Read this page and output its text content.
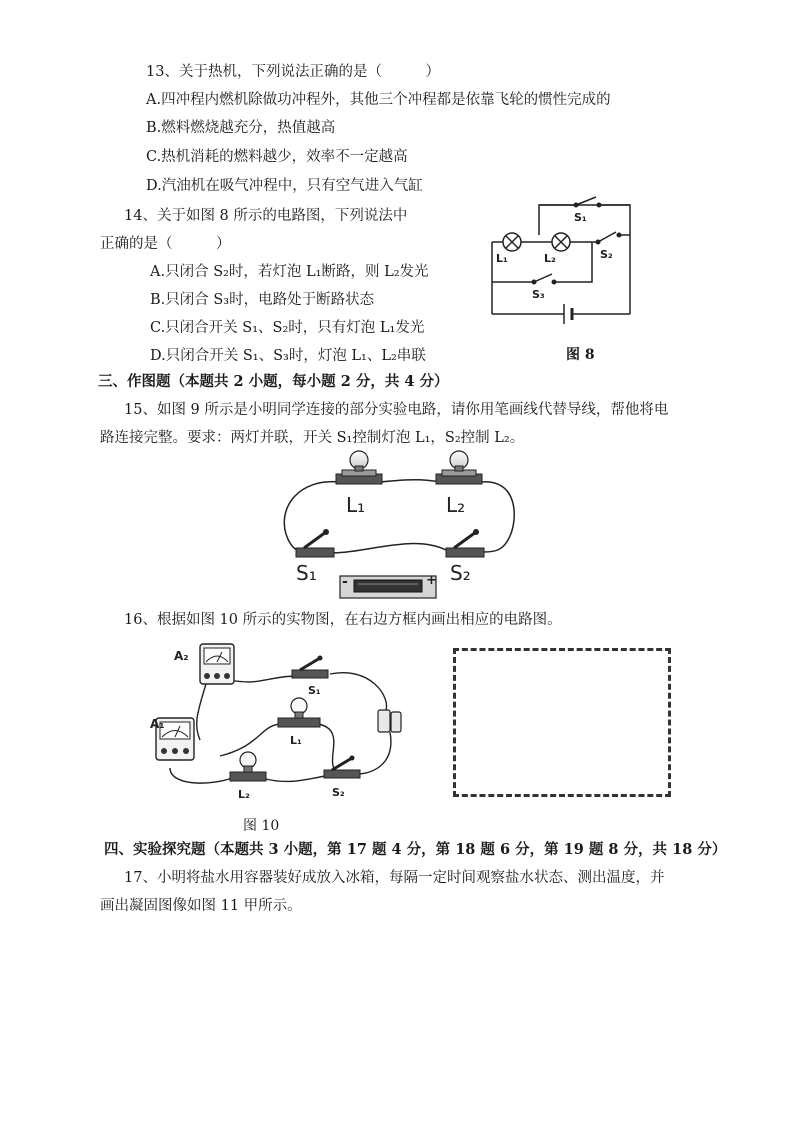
13、关于热机，下列说法正确的是（　　　）
A.四冲程内燃机除做功冲程外，其他三个冲程都是依靠飞轮的惯性完成的
B.燃料燃烧越充分，热值越高
C.热机消耗的燃料越少，效率不一定越高
D.汽油机在吸气冲程中，只有空气进入气缸
14、关于如图 8 所示的电路图，下列说法中
正确的是（　　　）
A.只闭合 S₂时，若灯泡 L₁断路，则 L₂发光
B.只闭合 S₃时，电路处于断路状态
C.只闭合开关 S₁、S₂时，只有灯泡 L₁发光
D.只闭合开关 S₁、S₃时，灯泡 L₁、L₂串联
S₁
L₁	L₂	S₂
S₃
图 8
三、作图题（本题共 2 小题，每小题 2 分，共 4 分）
15、如图 9 所示是小明同学连接的部分实验电路，请你用笔画线代替导线，帮他将电
路连接完整。要求：两灯并联，开关 S₁控制灯泡 L₁，S₂控制 L₂。
-	+
L₁	L₂
S₁	S₂
16、根据如图 10 所示的实物图，在右边方框内画出相应的电路图。
A₂
A₁
S₁
L₁
L₂	S₂
图 10
四、实验探究题（本题共 3 小题，第 17 题 4 分，第 18 题 6 分，第 19 题 8 分，共 18 分）
17、小明将盐水用容器装好成放入冰箱，每隔一定时间观察盐水状态、测出温度，并
画出凝固图像如图 11 甲所示。
